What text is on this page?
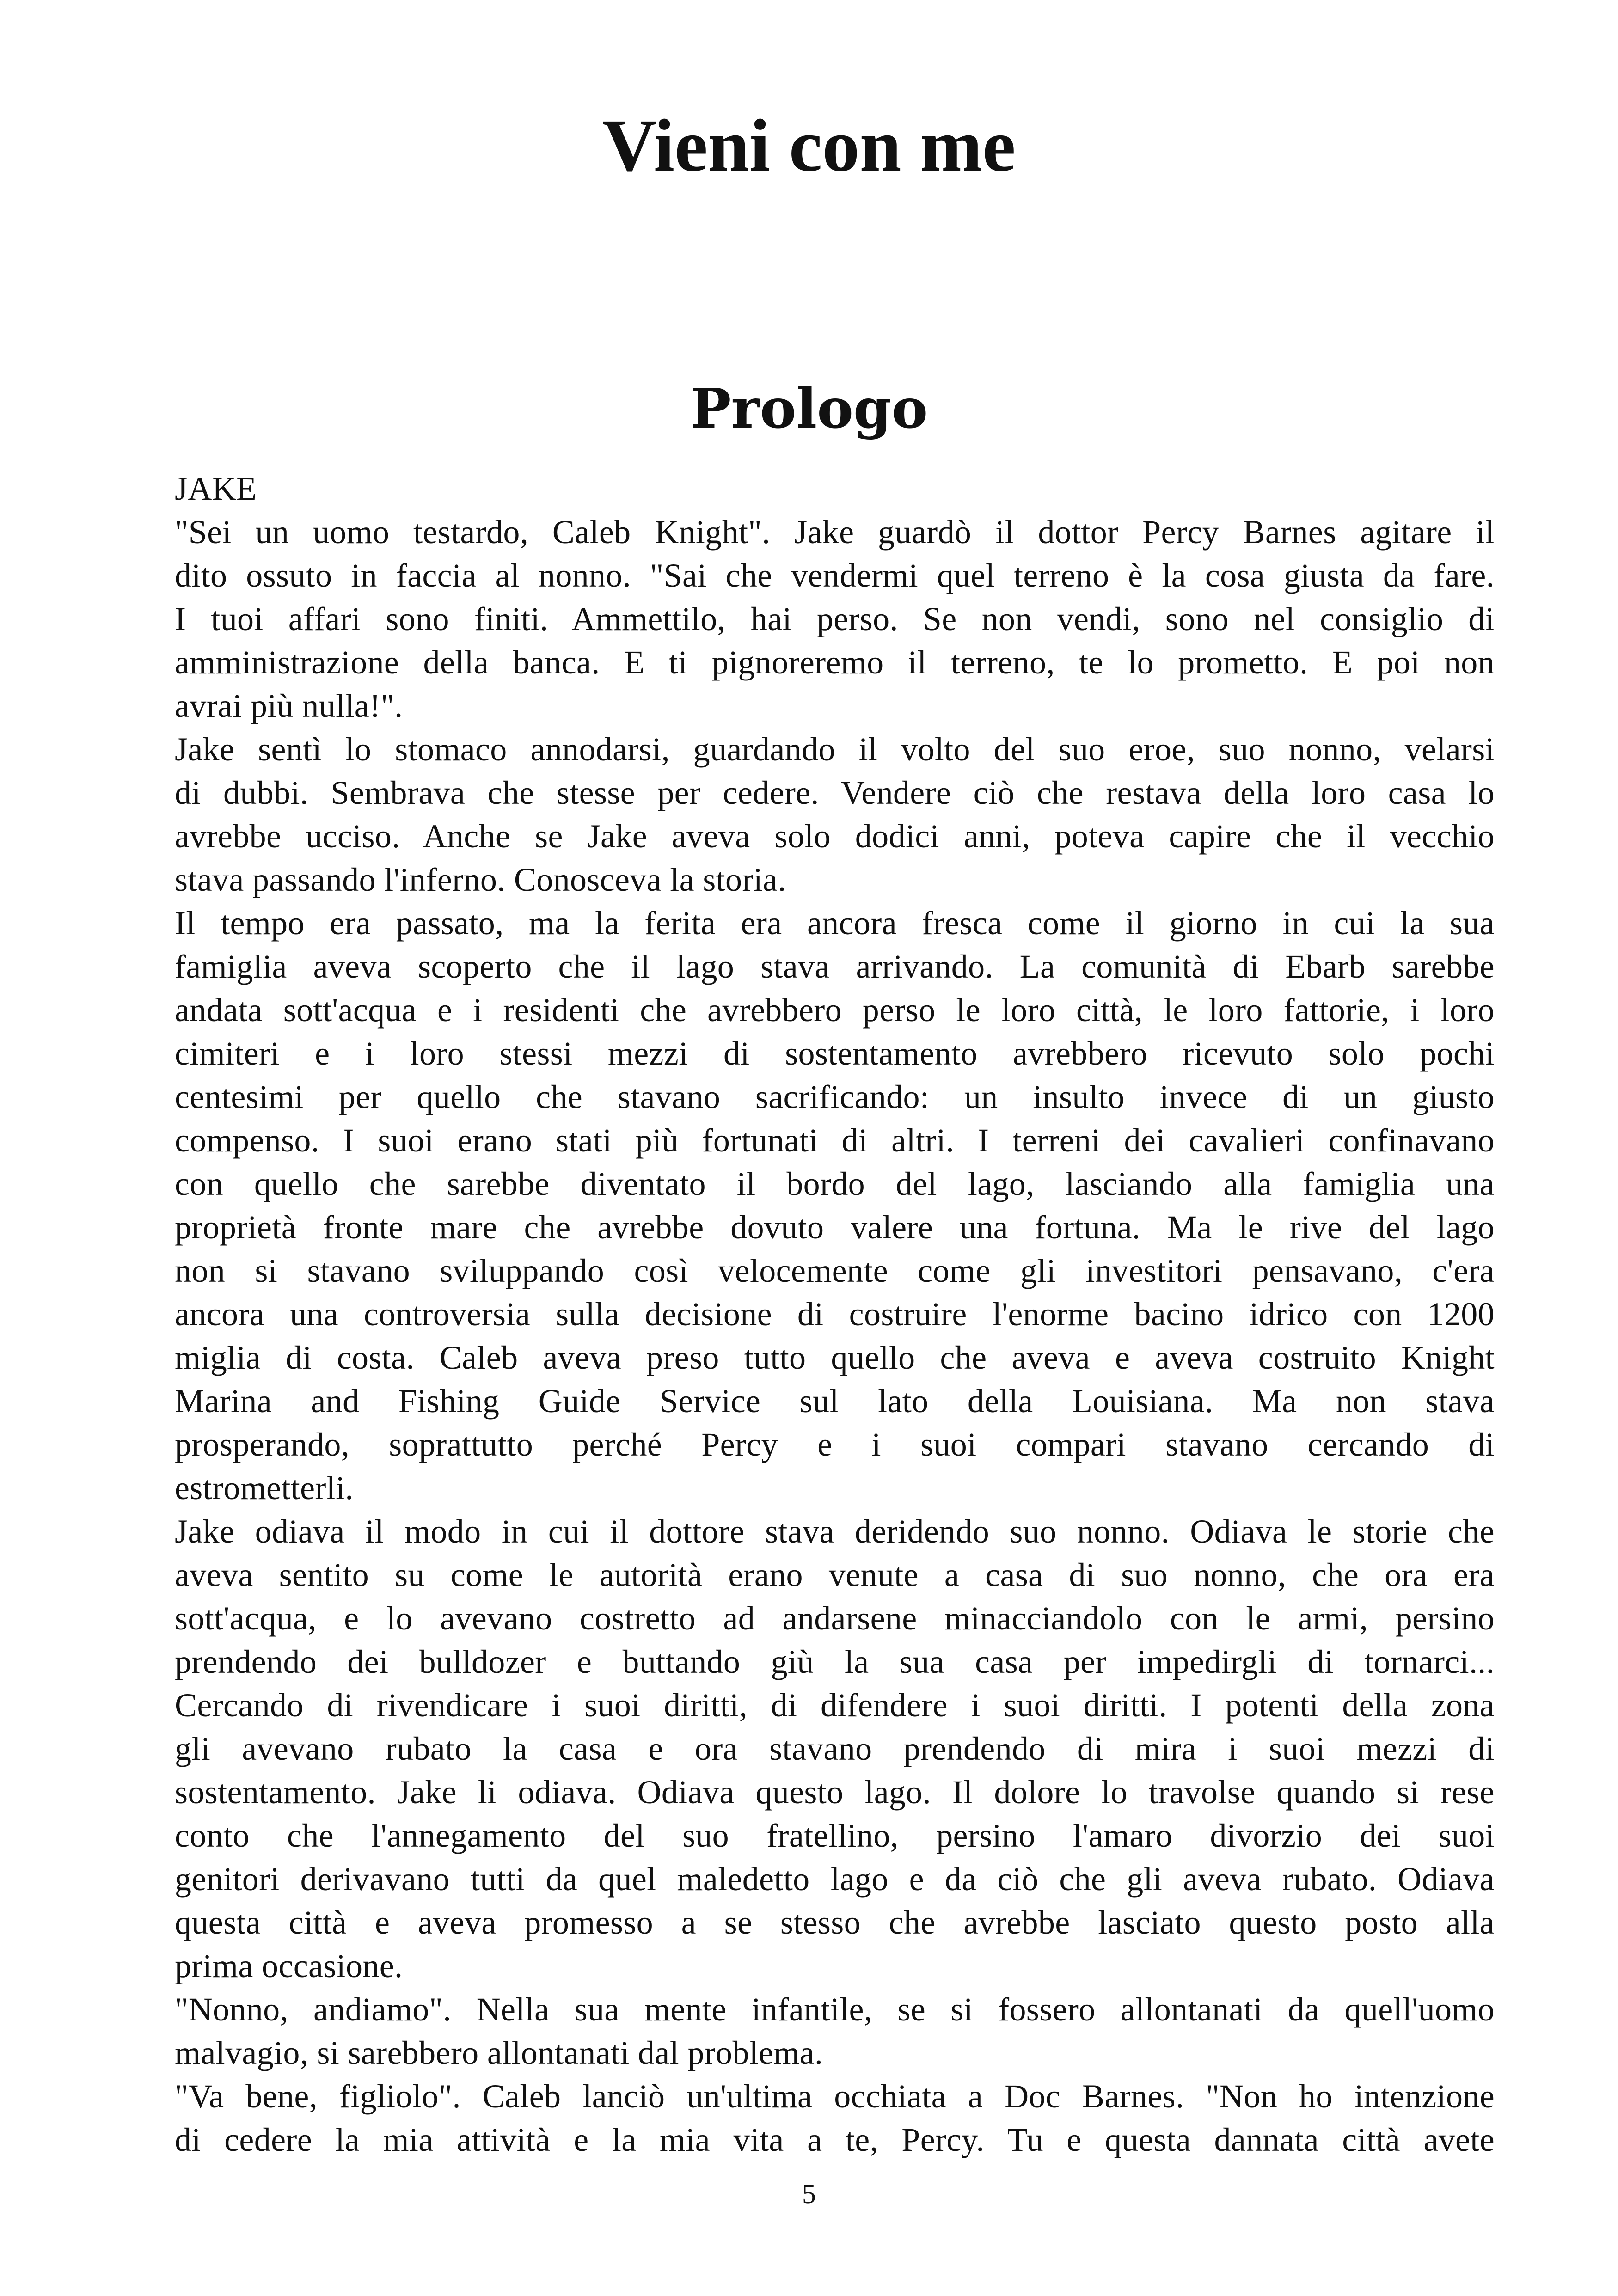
Vieni con me
Prologo
JAKE
"Sei un uomo testardo, Caleb Knight". Jake guardò il dottor Percy Barnes agitare il
dito ossuto in faccia al nonno. "Sai che vendermi quel terreno è la cosa giusta da fare.
I tuoi affari sono finiti. Ammettilo, hai perso. Se non vendi, sono nel consiglio di
amministrazione della banca. E ti pignoreremo il terreno, te lo prometto. E poi non
avrai più nulla!".
Jake sentì lo stomaco annodarsi, guardando il volto del suo eroe, suo nonno, velarsi
di dubbi. Sembrava che stesse per cedere. Vendere ciò che restava della loro casa lo
avrebbe ucciso. Anche se Jake aveva solo dodici anni, poteva capire che il vecchio
stava passando l'inferno. Conosceva la storia.
Il tempo era passato, ma la ferita era ancora fresca come il giorno in cui la sua
famiglia aveva scoperto che il lago stava arrivando. La comunità di Ebarb sarebbe
andata sott'acqua e i residenti che avrebbero perso le loro città, le loro fattorie, i loro
cimiteri e i loro stessi mezzi di sostentamento avrebbero ricevuto solo pochi
centesimi per quello che stavano sacrificando: un insulto invece di un giusto
compenso. I suoi erano stati più fortunati di altri. I terreni dei cavalieri confinavano
con quello che sarebbe diventato il bordo del lago, lasciando alla famiglia una
proprietà fronte mare che avrebbe dovuto valere una fortuna. Ma le rive del lago
non si stavano sviluppando così velocemente come gli investitori pensavano, c'era
ancora una controversia sulla decisione di costruire l'enorme bacino idrico con 1200
miglia di costa. Caleb aveva preso tutto quello che aveva e aveva costruito Knight
Marina and Fishing Guide Service sul lato della Louisiana. Ma non stava
prosperando, soprattutto perché Percy e i suoi compari stavano cercando di
estrometterli.
Jake odiava il modo in cui il dottore stava deridendo suo nonno. Odiava le storie che
aveva sentito su come le autorità erano venute a casa di suo nonno, che ora era
sott'acqua, e lo avevano costretto ad andarsene minacciandolo con le armi, persino
prendendo dei bulldozer e buttando giù la sua casa per impedirgli di tornarci...
Cercando di rivendicare i suoi diritti, di difendere i suoi diritti. I potenti della zona
gli avevano rubato la casa e ora stavano prendendo di mira i suoi mezzi di
sostentamento. Jake li odiava. Odiava questo lago. Il dolore lo travolse quando si rese
conto che l'annegamento del suo fratellino, persino l'amaro divorzio dei suoi
genitori derivavano tutti da quel maledetto lago e da ciò che gli aveva rubato. Odiava
questa città e aveva promesso a se stesso che avrebbe lasciato questo posto alla
prima occasione.
"Nonno, andiamo". Nella sua mente infantile, se si fossero allontanati da quell'uomo
malvagio, si sarebbero allontanati dal problema.
"Va bene, figliolo". Caleb lanciò un'ultima occhiata a Doc Barnes. "Non ho intenzione
di cedere la mia attività e la mia vita a te, Percy. Tu e questa dannata città avete
5
